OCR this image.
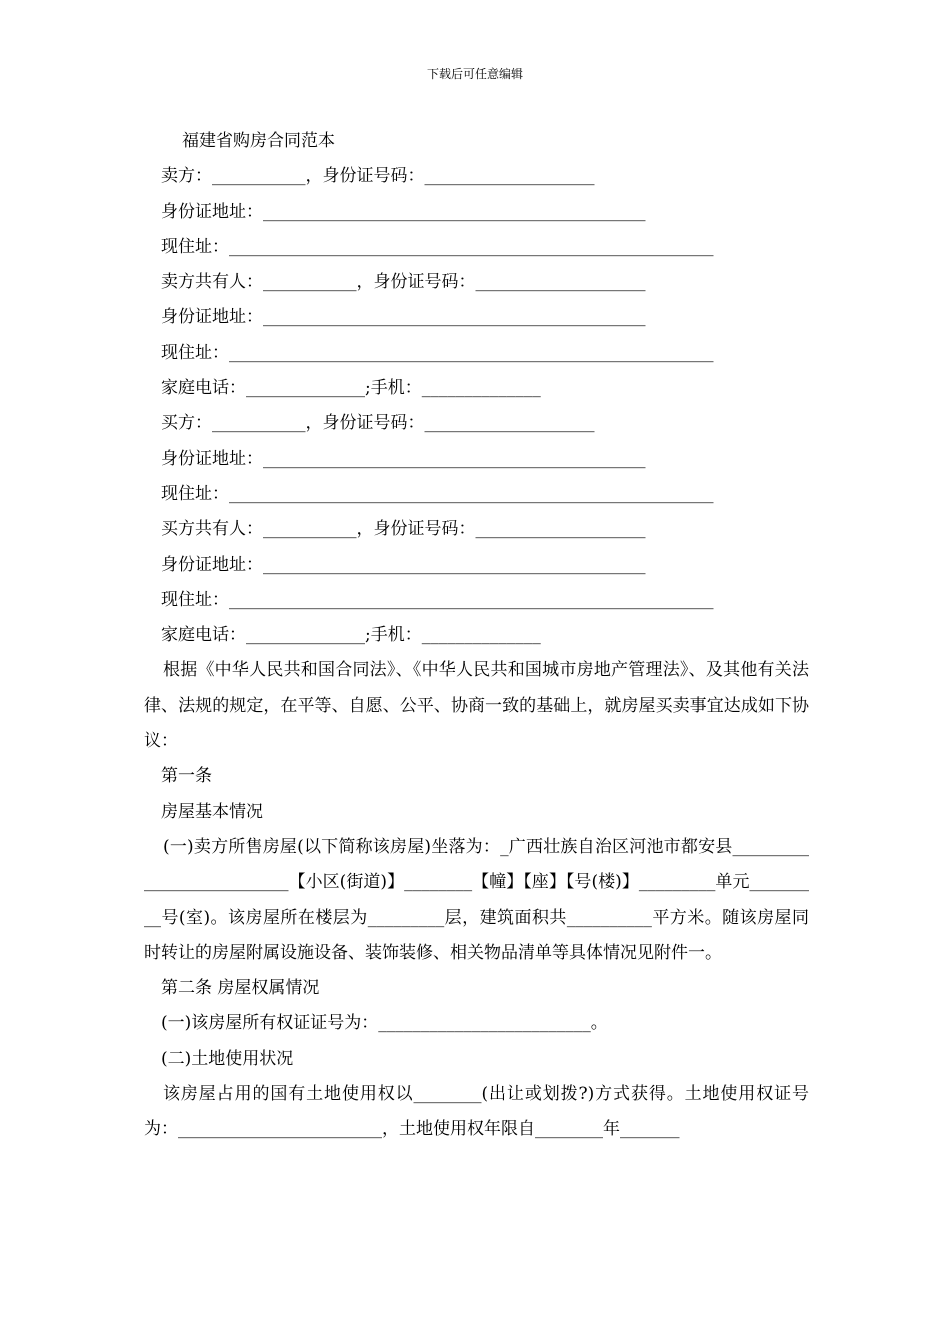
下载后可任意编辑
福建省购房合同范本
卖方：___________，身份证号码：____________________
身份证地址：_____________________________________________
现住址：_________________________________________________________
卖方共有人：___________，身份证号码：____________________
身份证地址：_____________________________________________
现住址：_________________________________________________________
家庭电话：______________;手机：______________
买方：___________，身份证号码：____________________
身份证地址：_____________________________________________
现住址：_________________________________________________________
买方共有人：___________，身份证号码：____________________
身份证地址：_____________________________________________
现住址：_________________________________________________________
家庭电话：______________;手机：______________
根据《中华人民共和国合同法》、《中华人民共和国城市房地产管理法》、及其他有关法律、法规的规定，在平等、自愿、公平、协商一致的基础上，就房屋买卖事宜达成如下协议：
第一条
房屋基本情况
(一)卖方所售房屋(以下简称该房屋)坐落为：_广西壮族自治区河池市都安县__________________________【小区(街道)】________【幢】【座】【号(楼)】_________单元_________号(室)。该房屋所在楼层为_________层，建筑面积共__________平方米。随该房屋同时转让的房屋附属设施设备、装饰装修、相关物品清单等具体情况见附件一。
第二条 房屋权属情况
(一)该房屋所有权证证号为：_________________________。
(二)土地使用状况
该房屋占用的国有土地使用权以________(出让或划拨?)方式获得。土地使用权证号为：________________________，土地使用权年限自________年_______
